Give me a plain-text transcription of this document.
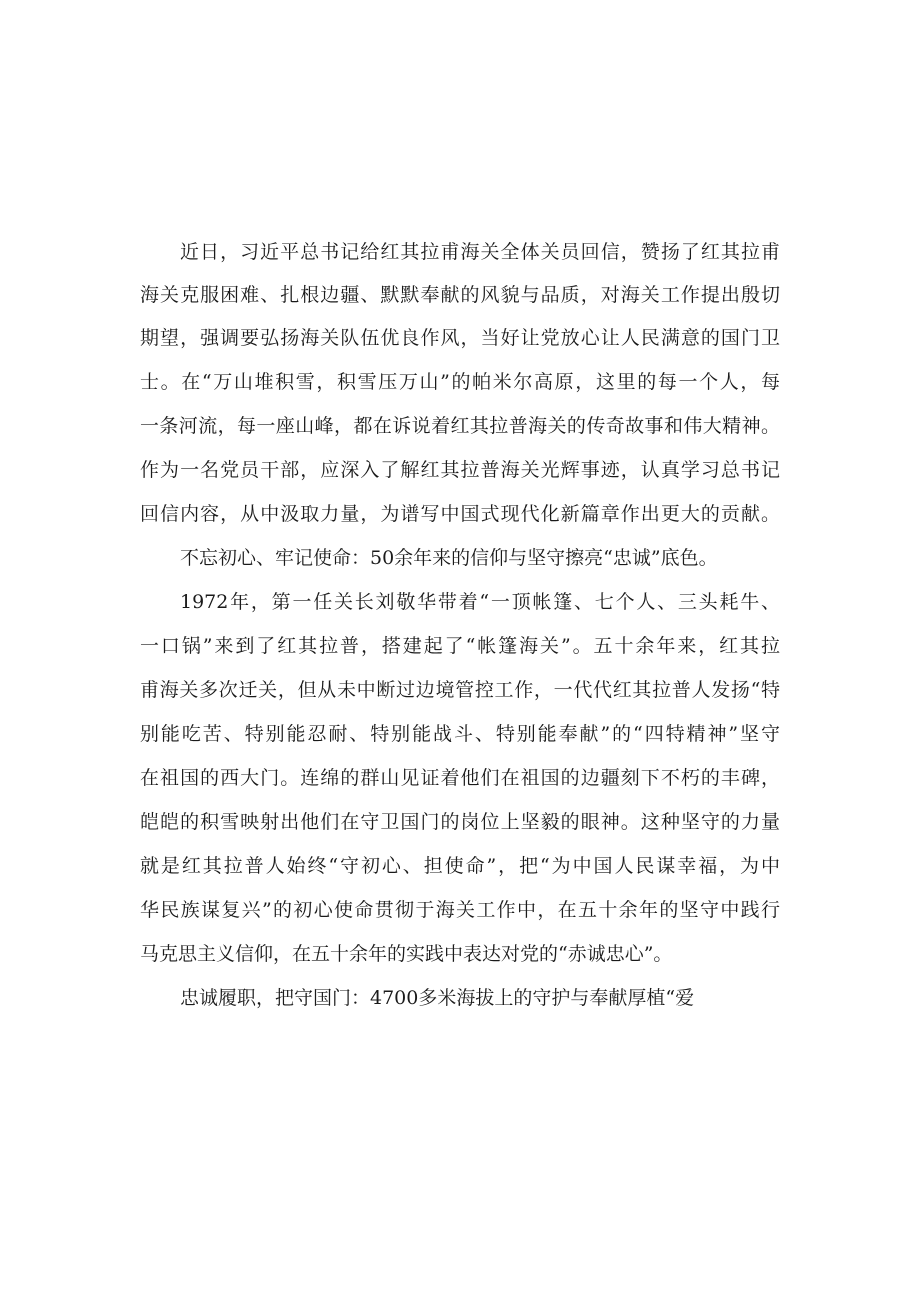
近日，习近平总书记给红其拉甫海关全体关员回信，赞扬了红其拉甫
海关克服困难、扎根边疆、默默奉献的风貌与品质，对海关工作提出殷切
期望，强调要弘扬海关队伍优良作风，当好让党放心让人民满意的国门卫
士。在“万山堆积雪，积雪压万山”的帕米尔高原，这里的每一个人，每
一条河流，每一座山峰，都在诉说着红其拉普海关的传奇故事和伟大精神。
作为一名党员干部，应深入了解红其拉普海关光辉事迹，认真学习总书记
回信内容，从中汲取力量，为谱写中国式现代化新篇章作出更大的贡献。
不忘初心、牢记使命：50余年来的信仰与坚守擦亮“忠诚”底色。
1972年，第一任关长刘敬华带着“一顶帐篷、七个人、三头耗牛、
一口锅”来到了红其拉普，搭建起了“帐篷海关”。五十余年来，红其拉
甫海关多次迁关，但从未中断过边境管控工作，一代代红其拉普人发扬“特
别能吃苦、特别能忍耐、特别能战斗、特别能奉献”的“四特精神”坚守
在祖国的西大门。连绵的群山见证着他们在祖国的边疆刻下不朽的丰碑，
皑皑的积雪映射出他们在守卫国门的岗位上坚毅的眼神。这种坚守的力量
就是红其拉普人始终“守初心、担使命”，把“为中国人民谋幸福，为中
华民族谋复兴”的初心使命贯彻于海关工作中，在五十余年的坚守中践行
马克思主义信仰，在五十余年的实践中表达对党的“赤诚忠心”。
忠诚履职，把守国门：4700多米海拔上的守护与奉献厚植“爱
